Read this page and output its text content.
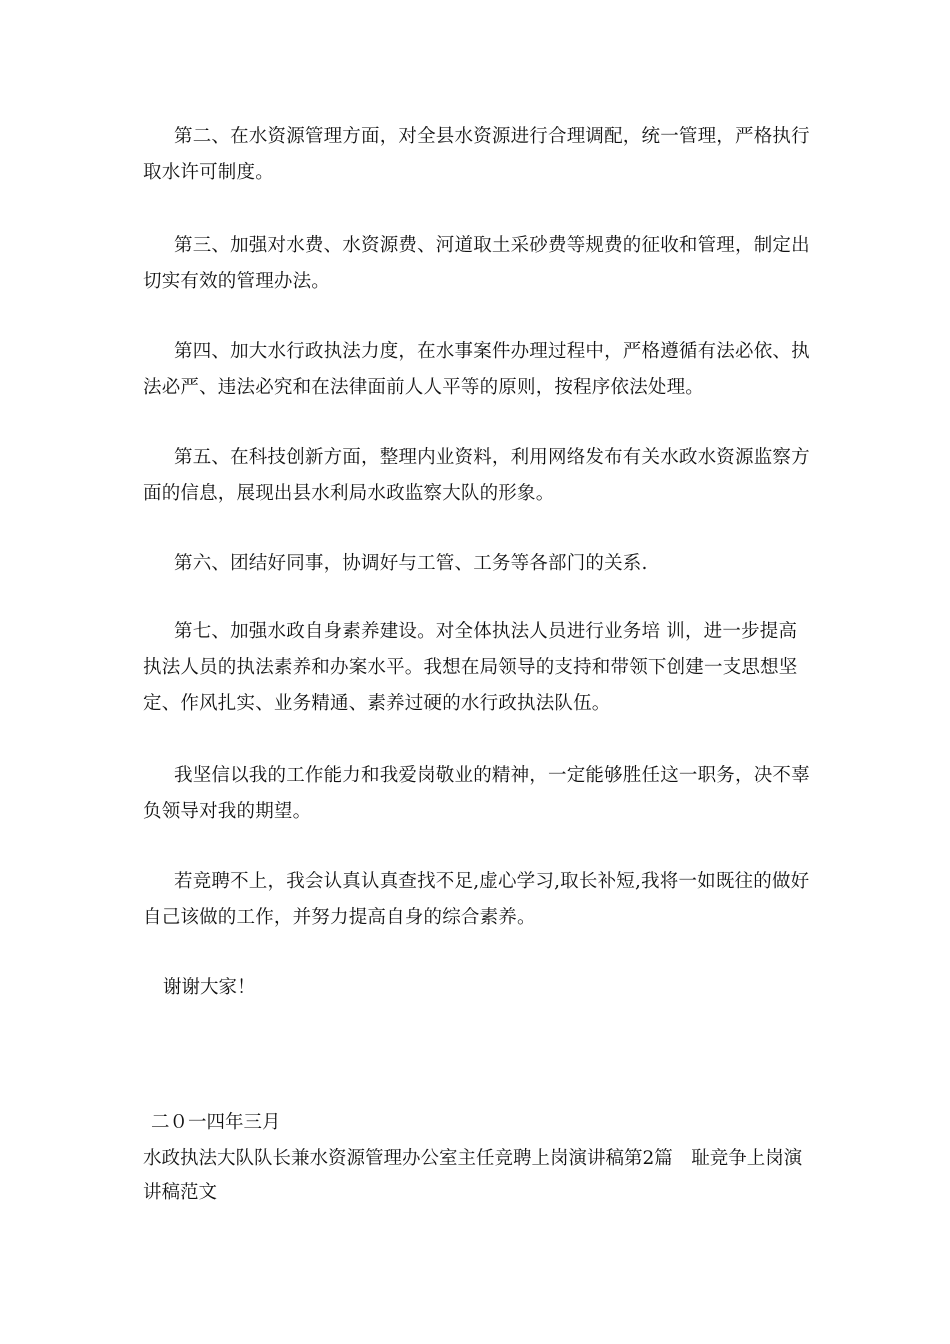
第二、在水资源管理方面，对全县水资源进行合理调配，统一管理，严格执行取水许可制度。

第三、加强对水费、水资源费、河道取土采砂费等规费的征收和管理，制定出切实有效的管理办法。

第四、加大水行政执法力度，在水事案件办理过程中，严格遵循有法必依、执法必严、违法必究和在法律面前人人平等的原则，按程序依法处理。

第五、在科技创新方面，整理内业资料，利用网络发布有关水政水资源监察方面的信息，展现出县水利局水政监察大队的形象。

第六、团结好同事，协调好与工管、工务等各部门的关系.

第七、加强水政自身素养建设。对全体执法人员进行业务培 训，进一步提高执法人员的执法素养和办案水平。我想在局领导的支持和带领下创建一支思想坚定、作风扎实、业务精通、素养过硬的水行政执法队伍。

我坚信以我的工作能力和我爱岗敬业的精神，一定能够胜任这一职务，决不辜负领导对我的期望。

若竞聘不上，我会认真认真查找不足,虚心学习,取长补短,我将一如既往的做好自己该做的工作，并努力提高自身的综合素养。

谢谢大家！

二０一四年三月

水政执法大队队长兼水资源管理办公室主任竞聘上岗演讲稿第2篇　耻竞争上岗演讲稿范文
